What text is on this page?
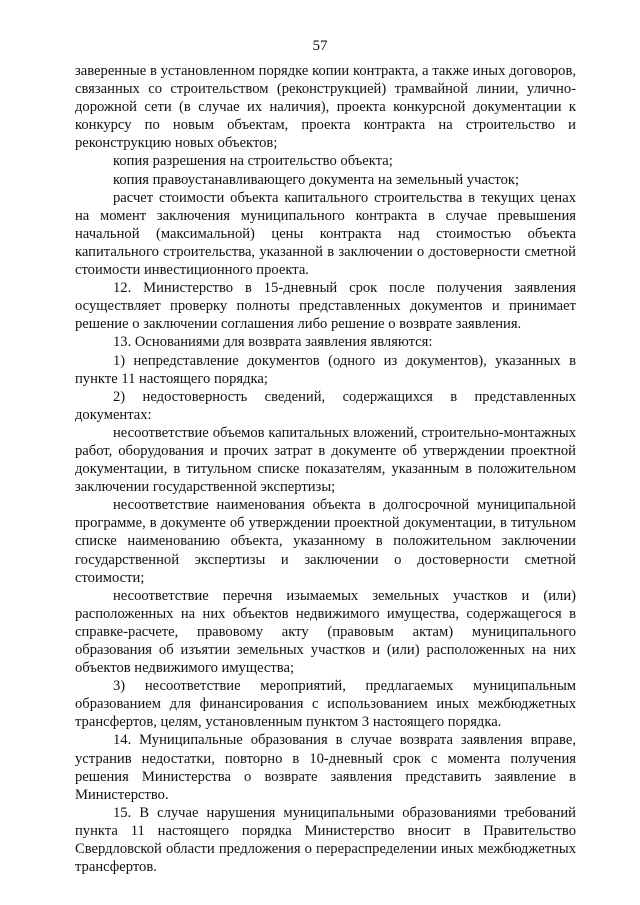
57

заверенные в установленном порядке копии контракта, а также иных договоров, связанных со строительством (реконструкцией) трамвайной линии, улично-дорожной сети (в случае их наличия), проекта конкурсной документации к конкурсу по новым объектам, проекта контракта на строительство и реконструкцию новых объектов;

копия разрешения на строительство объекта;

копия правоустанавливающего документа на земельный участок;

расчет стоимости объекта капитального строительства в текущих ценах на момент заключения муниципального контракта в случае превышения начальной (максимальной) цены контракта над стоимостью объекта капитального строительства, указанной в заключении о достоверности сметной стоимости инвестиционного проекта.

12. Министерство в 15-дневный срок после получения заявления осуществляет проверку полноты представленных документов и принимает решение о заключении соглашения либо решение о возврате заявления.

13. Основаниями для возврата заявления являются:

1) непредставление документов (одного из документов), указанных в пункте 11 настоящего порядка;

2) недостоверность сведений, содержащихся в представленных документах:

несоответствие объемов капитальных вложений, строительно-монтажных работ, оборудования и прочих затрат в документе об утверждении проектной документации, в титульном списке показателям, указанным в положительном заключении государственной экспертизы;

несоответствие наименования объекта в долгосрочной муниципальной программе, в документе об утверждении проектной документации, в титульном списке наименованию объекта, указанному в положительном заключении государственной экспертизы и заключении о достоверности сметной стоимости;

несоответствие перечня изымаемых земельных участков и (или) расположенных на них объектов недвижимого имущества, содержащегося в справке-расчете, правовому акту (правовым актам) муниципального образования об изъятии земельных участков и (или) расположенных на них объектов недвижимого имущества;

3) несоответствие мероприятий, предлагаемых муниципальным образованием для финансирования с использованием иных межбюджетных трансфертов, целям, установленным пунктом 3 настоящего порядка.

14. Муниципальные образования в случае возврата заявления вправе, устранив недостатки, повторно в 10-дневный срок с момента получения решения Министерства о возврате заявления представить заявление в Министерство.

15. В случае нарушения муниципальными образованиями требований пункта 11 настоящего порядка Министерство вносит в Правительство Свердловской области предложения о перераспределении иных межбюджетных трансфертов.
